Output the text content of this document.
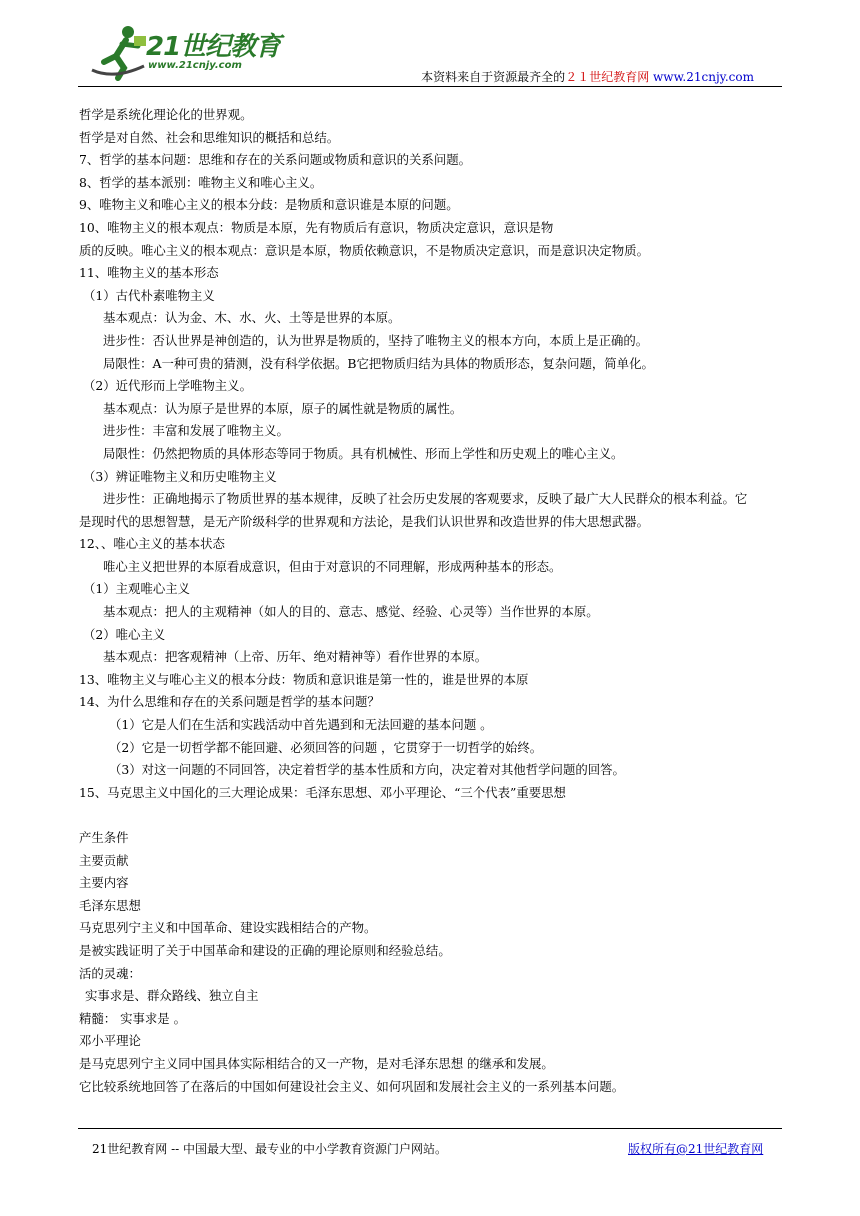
21世纪教育
www.21cnjy.com
本资料来自于资源最齐全的２１世纪教育网 www.21cnjy.com
哲学是系统化理论化的世界观。
哲学是对自然、社会和思维知识的概括和总结。
7、哲学的基本问题：思维和存在的关系问题或物质和意识的关系问题。
8、哲学的基本派别：唯物主义和唯心主义。
9、唯物主义和唯心主义的根本分歧：是物质和意识谁是本原的问题。
10、唯物主义的根本观点：物质是本原，先有物质后有意识，物质决定意识，意识是物
质的反映。唯心主义的根本观点：意识是本原，物质依赖意识，不是物质决定意识，而是意识决定物质。
11、唯物主义的基本形态
（1）古代朴素唯物主义
基本观点：认为金、木、水、火、土等是世界的本原。
进步性：否认世界是神创造的，认为世界是物质的，坚持了唯物主义的根本方向，本质上是正确的。
局限性：A一种可贵的猜测，没有科学依据。B它把物质归结为具体的物质形态，复杂问题，简单化。
（2）近代形而上学唯物主义。
基本观点：认为原子是世界的本原，原子的属性就是物质的属性。
进步性：丰富和发展了唯物主义。
局限性：仍然把物质的具体形态等同于物质。具有机械性、形而上学性和历史观上的唯心主义。
（3）辨证唯物主义和历史唯物主义
进步性：正确地揭示了物质世界的基本规律，反映了社会历史发展的客观要求，反映了最广大人民群众的根本利益。它
是现时代的思想智慧，是无产阶级科学的世界观和方法论，是我们认识世界和改造世界的伟大思想武器。
12、、唯心主义的基本状态
唯心主义把世界的本原看成意识，但由于对意识的不同理解，形成两种基本的形态。
（1）主观唯心主义
基本观点：把人的主观精神（如人的目的、意志、感觉、经验、心灵等）当作世界的本原。
（2）唯心主义
基本观点：把客观精神（上帝、历年、绝对精神等）看作世界的本原。
13、唯物主义与唯心主义的根本分歧：物质和意识谁是第一性的，谁是世界的本原
14、为什么思维和存在的关系问题是哲学的基本问题？
（1）它是人们在生活和实践活动中首先遇到和无法回避的基本问题 。
（2）它是一切哲学都不能回避、必须回答的问题 ，它贯穿于一切哲学的始终。
（3）对这一问题的不同回答，决定着哲学的基本性质和方向，决定着对其他哲学问题的回答。
15、马克思主义中国化的三大理论成果：毛泽东思想、邓小平理论、“三个代表”重要思想
产生条件
主要贡献
主要内容
毛泽东思想
马克思列宁主义和中国革命、建设实践相结合的产物。
是被实践证明了关于中国革命和建设的正确的理论原则和经验总结。
活的灵魂：
实事求是、群众路线、独立自主
精髓： 实事求是 。
邓小平理论
是马克思列宁主义同中国具体实际相结合的又一产物，是对毛泽东思想 的继承和发展。
它比较系统地回答了在落后的中国如何建设社会主义、如何巩固和发展社会主义的一系列基本问题。
21世纪教育网 -- 中国最大型、最专业的中小学教育资源门户网站。	版权所有@21世纪教育网
